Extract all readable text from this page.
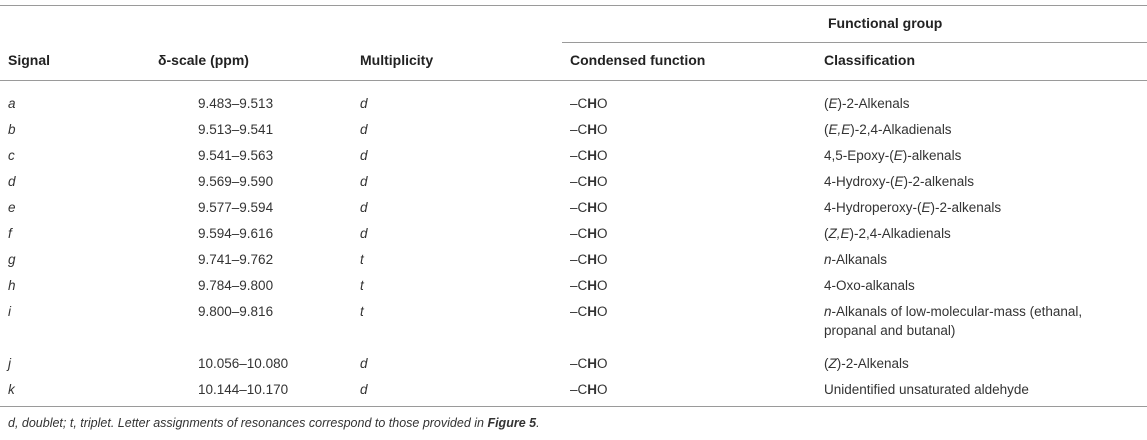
Functional group
Signal	δ-scale (ppm)	Multiplicity	Condensed function	Classification
a	9.483–9.513	d	–CHO	(E)-2-Alkenals
b	9.513–9.541	d	–CHO	(E,E)-2,4-Alkadienals
c	9.541–9.563	d	–CHO	4,5-Epoxy-(E)-alkenals
d	9.569–9.590	d	–CHO	4-Hydroxy-(E)-2-alkenals
e	9.577–9.594	d	–CHO	4-Hydroperoxy-(E)-2-alkenals
f	9.594–9.616	d	–CHO	(Z,E)-2,4-Alkadienals
g	9.741–9.762	t	–CHO	n-Alkanals
h	9.784–9.800	t	–CHO	4-Oxo-alkanals
i	9.800–9.816	t	–CHO	n-Alkanals of low-molecular-mass (ethanal, propanal and butanal)
j	10.056–10.080	d	–CHO	(Z)-2-Alkenals
k	10.144–10.170	d	–CHO	Unidentified unsaturated aldehyde
d, doublet; t, triplet. Letter assignments of resonances correspond to those provided in Figure 5.
